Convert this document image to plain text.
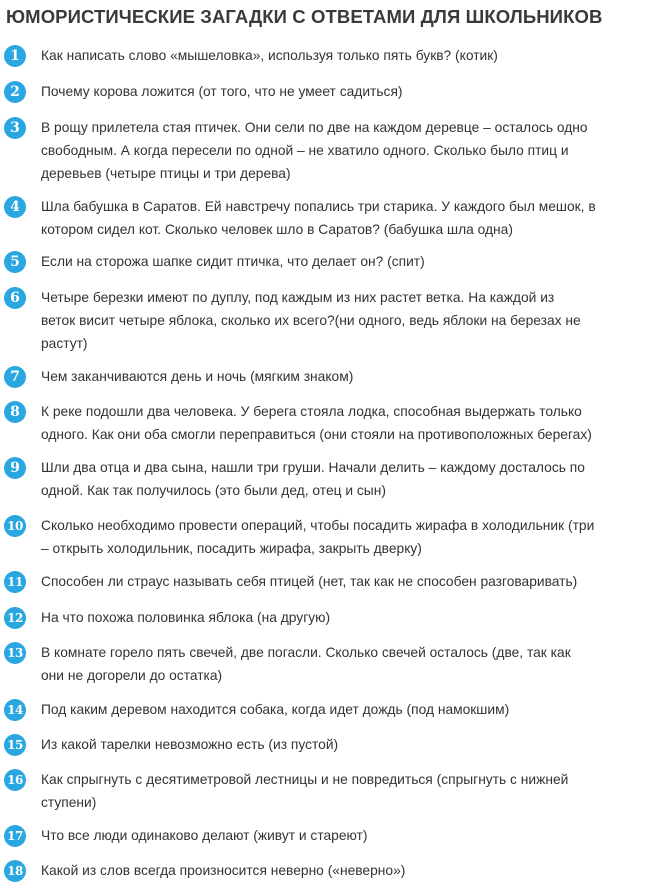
ЮМОРИСТИЧЕСКИЕ ЗАГАДКИ С ОТВЕТАМИ ДЛЯ ШКОЛЬНИКОВ
1	Как написать слово «мышеловка», используя только пять букв? (котик)
2	Почему корова ложится (от того, что не умеет садиться)
3	В рощу прилетела стая птичек. Они сели по две на каждом деревце – осталось одно
свободным. А когда пересели по одной – не хватило одного. Сколько было птиц и
деревьев (четыре птицы и три дерева)
4	Шла бабушка в Саратов. Ей навстречу попались три старика. У каждого был мешок, в
котором сидел кот. Сколько человек шло в Саратов? (бабушка шла одна)
5	Если на сторожа шапке сидит птичка, что делает он? (спит)
6	Четыре березки имеют по дуплу, под каждым из них растет ветка. На каждой из
веток висит четыре яблока, сколько их всего?(ни одного, ведь яблоки на березах не
растут)
7	Чем заканчиваются день и ночь (мягким знаком)
8	К реке подошли два человека. У берега стояла лодка, способная выдержать только
одного. Как они оба смогли переправиться (они стояли на противоположных берегах)
9	Шли два отца и два сына, нашли три груши. Начали делить – каждому досталось по
одной. Как так получилось (это были дед, отец и сын)
10 Сколько необходимо провести операций, чтобы посадить жирафа в холодильник (три
– открыть холодильник, посадить жирафа, закрыть дверку)
11 Способен ли страус называть себя птицей (нет, так как не способен разговаривать)
12 На что похожа половинка яблока (на другую)
13 В комнате горело пять свечей, две погасли. Сколько свечей осталось (две, так как
они не догорели до остатка)
14 Под каким деревом находится собака, когда идет дождь (под намокшим)
15 Из какой тарелки невозможно есть (из пустой)
16 Как спрыгнуть с десятиметровой лестницы и не повредиться (спрыгнуть с нижней
ступени)
17 Что все люди одинаково делают (живут и стареют)
18 Какой из слов всегда произносится неверно («неверно»)
